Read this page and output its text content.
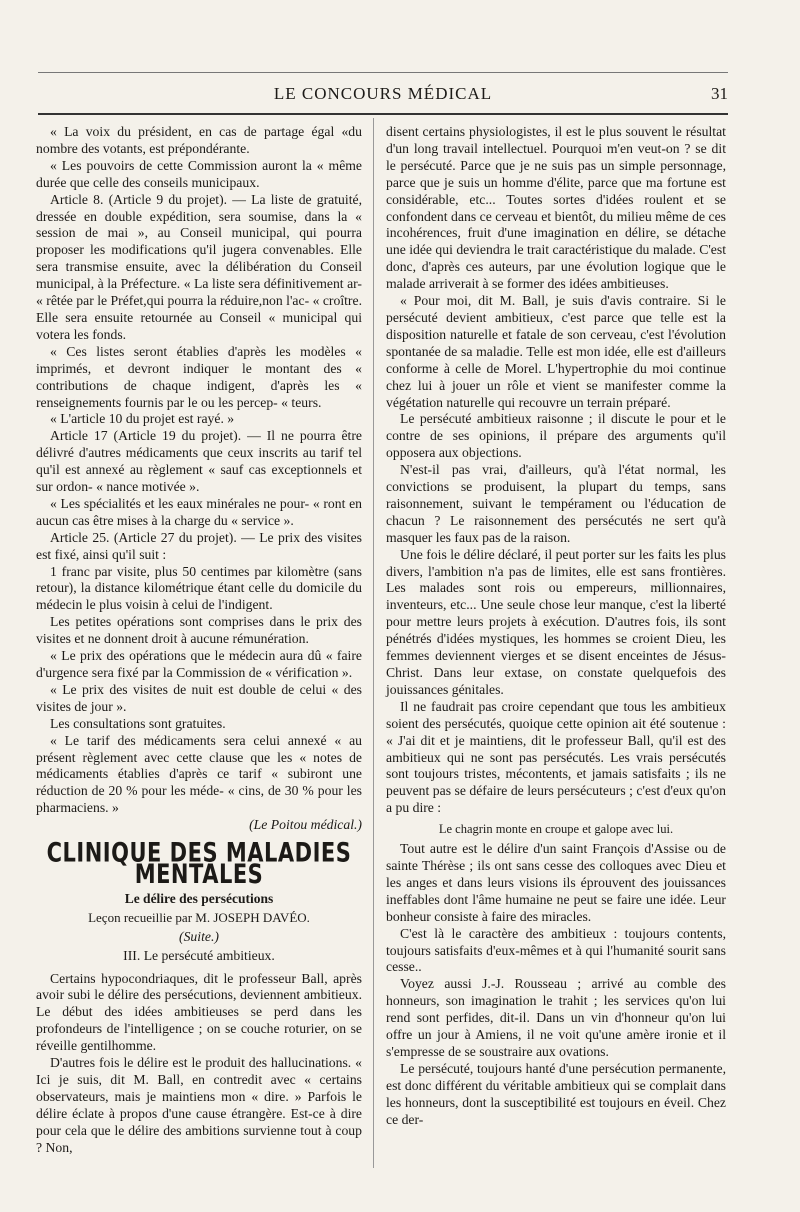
LE CONCOURS MÉDICAL	31

« La voix du président, en cas de partage égal «du nombre des votants, est prépondérante.

« Les pouvoirs de cette Commission auront la « même durée que celle des conseils municipaux.

Article 8. (Article 9 du projet). — La liste de gratuité, dressée en double expédition, sera soumise, dans la « session de mai », au Conseil municipal, qui pourra proposer les modifications qu'il jugera convenables. Elle sera transmise ensuite, avec la délibération du Conseil municipal, à la Préfecture. « La liste sera définitivement ar- « rêtée par le Préfet,qui pourra la réduire,non l'ac- « croître. Elle sera ensuite retournée au Conseil « municipal qui votera les fonds.

« Ces listes seront établies d'après les modèles « imprimés, et devront indiquer le montant des « contributions de chaque indigent, d'après les « renseignements fournis par le ou les percep- « teurs.

« L'article 10 du projet est rayé. »

Article 17 (Article 19 du projet). — Il ne pourra être délivré d'autres médicaments que ceux inscrits au tarif tel qu'il est annexé au règlement « sauf cas exceptionnels et sur ordon- « nance motivée ».

« Les spécialités et les eaux minérales ne pour- « ront en aucun cas être mises à la charge du « service ».

Article 25. (Article 27 du projet). — Le prix des visites est fixé, ainsi qu'il suit :

1 franc par visite, plus 50 centimes par kilomètre (sans retour), la distance kilométrique étant celle du domicile du médecin le plus voisin à celui de l'indigent.

Les petites opérations sont comprises dans le prix des visites et ne donnent droit à aucune rémunération.

« Le prix des opérations que le médecin aura dû « faire d'urgence sera fixé par la Commission de « vérification ».

« Le prix des visites de nuit est double de celui « des visites de jour ».

Les consultations sont gratuites.

« Le tarif des médicaments sera celui annexé « au présent règlement avec cette clause que les « notes de médicaments établies d'après ce tarif « subiront une réduction de 20 % pour les méde- « cins, de 30 % pour les pharmaciens. »

(Le Poitou médical.)

CLINIQUE DES MALADIES MENTALES
Le délire des persécutions
Leçon recueillie par M. JOSEPH DAVÉO.
(Suite.)
III. Le persécuté ambitieux.

Certains hypocondriaques, dit le professeur Ball, après avoir subi le délire des persécutions, deviennent ambitieux. Le début des idées ambitieuses se perd dans les profondeurs de l'intelligence ; on se couche roturier, on se réveille gentilhomme.

D'autres fois le délire est le produit des hallucinations. « Ici je suis, dit M. Ball, en contredit avec « certains observateurs, mais je maintiens mon « dire. » Parfois le délire éclate à propos d'une cause étrangère. Est-ce à dire pour cela que le délire des ambitions survienne tout à coup ? Non,

disent certains physiologistes, il est le plus souvent le résultat d'un long travail intellectuel. Pourquoi m'en veut-on ? se dit le persécuté. Parce que je ne suis pas un simple personnage, parce que je suis un homme d'élite, parce que ma fortune est considérable, etc... Toutes sortes d'idées roulent et se confondent dans ce cerveau et bientôt, du milieu même de ces incohérences, fruit d'une imagination en délire, se détache une idée qui deviendra le trait caractéristique du malade. C'est donc, d'après ces auteurs, par une évolution logique que le malade arriverait à se former des idées ambitieuses.

« Pour moi, dit M. Ball, je suis d'avis contraire. Si le persécuté devient ambitieux, c'est parce que telle est la disposition naturelle et fatale de son cerveau, c'est l'évolution spontanée de sa maladie. Telle est mon idée, elle est d'ailleurs conforme à celle de Morel. L'hypertrophie du moi continue chez lui à jouer un rôle et vient se manifester comme la végétation naturelle qui recouvre un terrain préparé.

Le persécuté ambitieux raisonne ; il discute le pour et le contre de ses opinions, il prépare des arguments qu'il opposera aux objections.

N'est-il pas vrai, d'ailleurs, qu'à l'état normal, les convictions se produisent, la plupart du temps, sans raisonnement, suivant le tempérament ou l'éducation de chacun ? Le raisonnement des persécutés ne sert qu'à masquer les faux pas de la raison.

Une fois le délire déclaré, il peut porter sur les faits les plus divers, l'ambition n'a pas de limites, elle est sans frontières. Les malades sont rois ou empereurs, millionnaires, inventeurs, etc... Une seule chose leur manque, c'est la liberté pour mettre leurs projets à exécution. D'autres fois, ils sont pénétrés d'idées mystiques, les hommes se croient Dieu, les femmes deviennent vierges et se disent enceintes de Jésus-Christ. Dans leur extase, on constate quelquefois des jouissances génitales.

Il ne faudrait pas croire cependant que tous les ambitieux soient des persécutés, quoique cette opinion ait été soutenue : « J'ai dit et je maintiens, dit le professeur Ball, qu'il est des ambitieux qui ne sont pas persécutés. Les vrais persécutés sont toujours tristes, mécontents, et jamais satisfaits ; ils ne peuvent pas se défaire de leurs persécuteurs ; c'est d'eux qu'on a pu dire :

Le chagrin monte en croupe et galope avec lui.

Tout autre est le délire d'un saint François d'Assise ou de sainte Thérèse ; ils ont sans cesse des colloques avec Dieu et les anges et dans leurs visions ils éprouvent des jouissances ineffables dont l'âme humaine ne peut se faire une idée. Leur bonheur consiste à faire des miracles.

C'est là le caractère des ambitieux : toujours contents, toujours satisfaits d'eux-mêmes et à qui l'humanité sourit sans cesse..

Voyez aussi J.-J. Rousseau ; arrivé au comble des honneurs, son imagination le trahit ; les services qu'on lui rend sont perfides, dit-il. Dans un vin d'honneur qu'on lui offre un jour à Amiens, il ne voit qu'une amère ironie et il s'empresse de se soustraire aux ovations.

Le persécuté, toujours hanté d'une persécution permanente, est donc différent du véritable ambitieux qui se complait dans les honneurs, dont la susceptibilité est toujours en éveil. Chez ce der-
